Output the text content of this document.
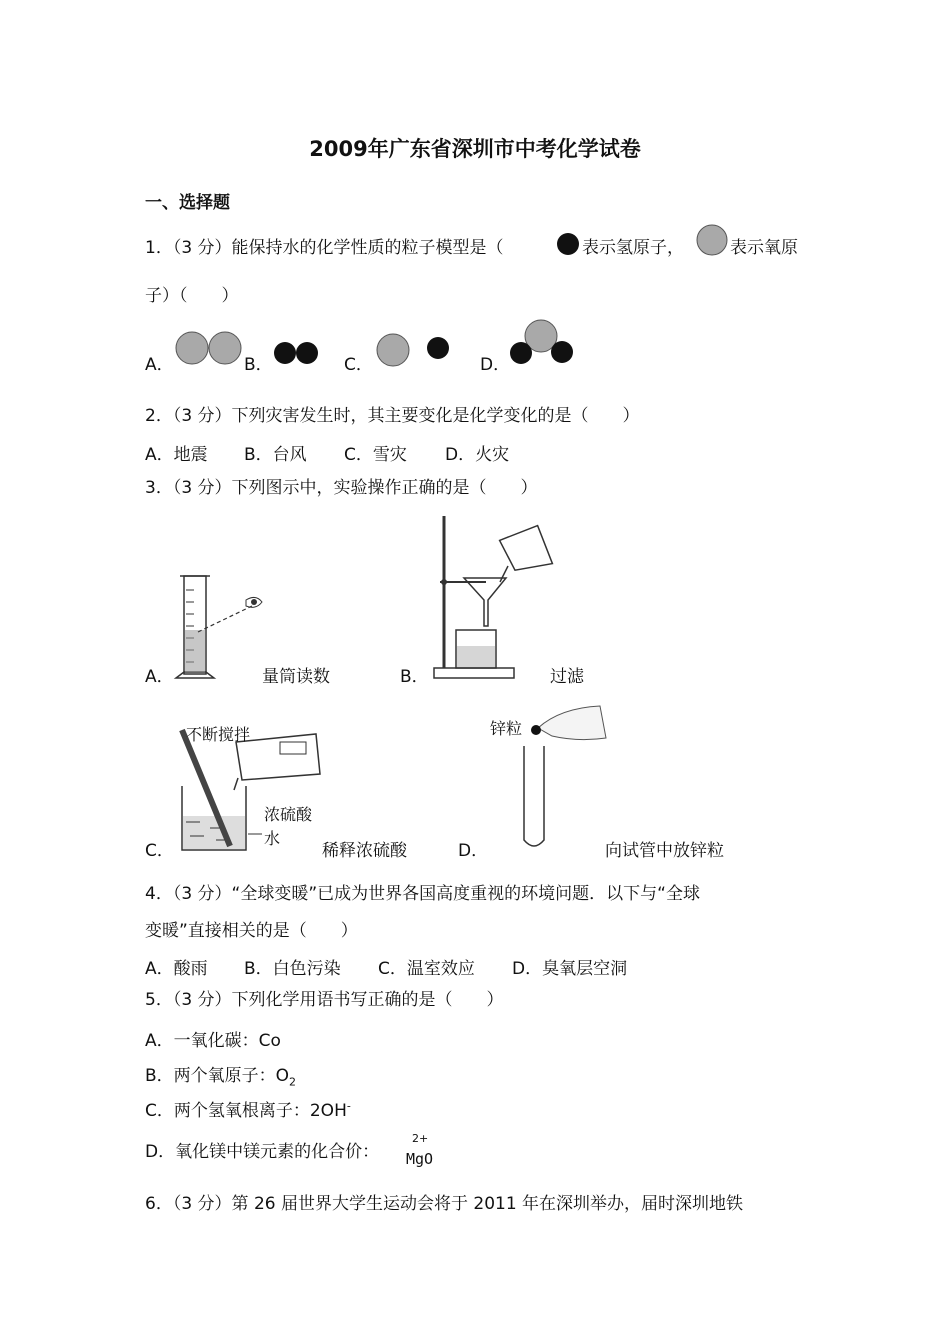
2009年广东省深圳市中考化学试卷
一、选择题
1．（3 分）能保持水的化学性质的粒子模型是（	表示氢原子，	表示氧原
子）（　　）
A．	B．	C．	D．
2．（3 分）下列灾害发生时，其主要变化是化学变化的是（　　）
A．地震 B．台风 C．雪灾 D．火灾
3．（3 分）下列图示中，实验操作正确的是（　　）
A．	量筒读数	B．	过滤
C．
不断搅拌
浓硫酸
水
稀释浓硫酸	D．
锌粒
向试管中放锌粒
4．（3 分）“全球变暖”已成为世界各国高度重视的环境问题．以下与“全球
变暖”直接相关的是（　　）
A．酸雨 B．白色污染 C．温室效应 D．臭氧层空洞
5．（3 分）下列化学用语书写正确的是（　　）
A．一氧化碳：Co
B．两个氧原子：$O_2$
C．两个氢氧根离子：2OH-
D．氧化镁中镁元素的化合价：
2+
MgO
6．（3 分）第 26 届世界大学生运动会将于 2011 年在深圳举办，届时深圳地铁
